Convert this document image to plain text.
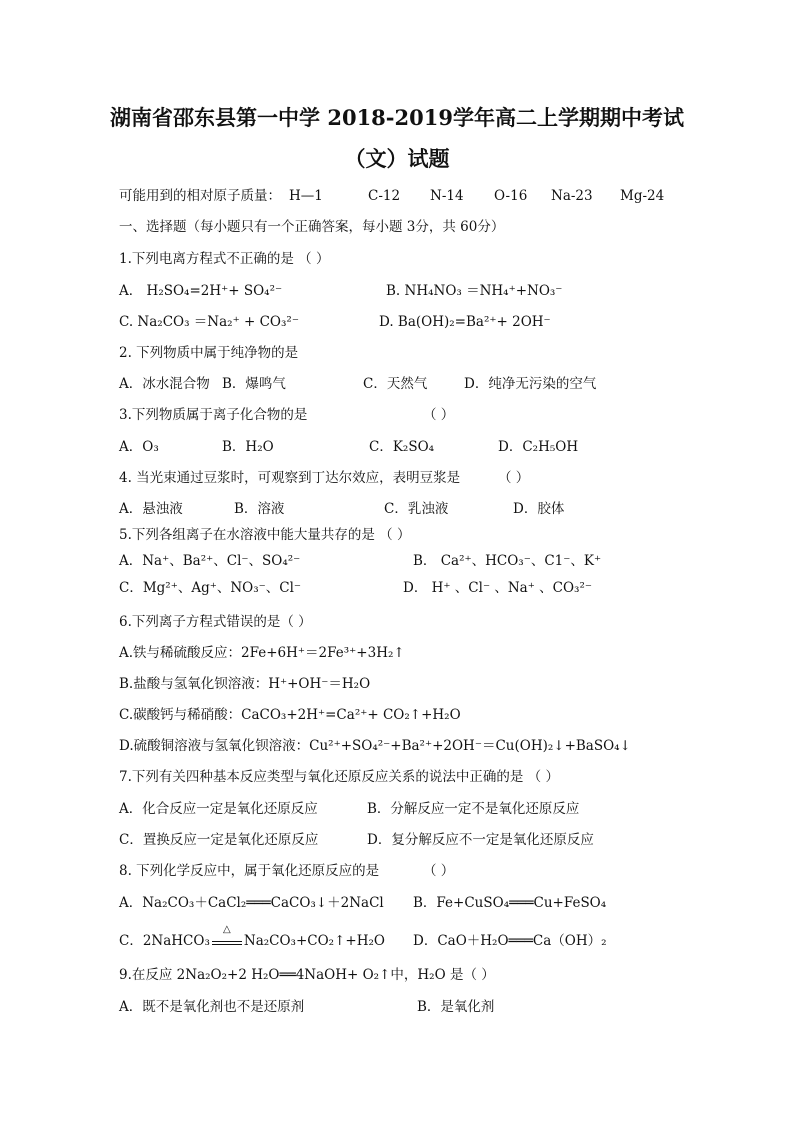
湖南省邵东县第一中学 2018-2019学年高二上学期期中考试
（文）试题
可能用到的相对原子质量： H—1	C-12 N-14 O-16 Na-23 Mg-24
一、选择题（每小题只有一个正确答案，每小题 3分，共 60分）
1.下列电离方程式不正确的是 （ ）
A． H₂SO₄=2H⁺+ SO₄²⁻	B. NH₄NO₃ ＝NH₄⁺+NO₃⁻
C. Na₂CO₃ ＝Na₂⁺ + CO₃²⁻	D. Ba(OH)₂=Ba²⁺+ 2OH⁻
2. 下列物质中属于纯净物的是
A．冰水混合物 B．爆鸣气	C．天然气	D．纯净无污染的空气
3.下列物质属于离子化合物的是	（ ）
A．O₃	B．H₂O	C．K₂SO₄	D．C₂H₅OH
4. 当光束通过豆浆时，可观察到丁达尔效应，表明豆浆是	（ ）
A．悬浊液	B．溶液	C．乳浊液	D．胶体
5.下列各组离子在水溶液中能大量共存的是 （ ）
A．Na⁺、Ba²⁺、Cl⁻、SO₄²⁻	B． Ca²⁺、HCO₃⁻、C1⁻、K⁺
C．Mg²⁺、Ag⁺、NO₃⁻、Cl⁻	D． H⁺ 、Cl⁻ 、Na⁺ 、CO₃²⁻
6.下列离子方程式错误的是（ ）
A.铁与稀硫酸反应：2Fe+6H⁺＝2Fe³⁺+3H₂↑
B.盐酸与氢氧化钡溶液：H⁺+OH⁻＝H₂O
C.碳酸钙与稀硝酸：CaCO₃+2H⁺=Ca²⁺+ CO₂↑+H₂O
D.硫酸铜溶液与氢氧化钡溶液：Cu²⁺+SO₄²⁻+Ba²⁺+2OH⁻＝Cu(OH)₂↓+BaSO₄↓
7.下列有关四种基本反应类型与氧化还原反应关系的说法中正确的是 （ ）
A．化合反应一定是氧化还原反应	B．分解反应一定不是氧化还原反应
C．置换反应一定是氧化还原反应	D．复分解反应不一定是氧化还原反应
8. 下列化学反应中，属于氧化还原反应的是	（ ）
A．Na₂CO₃＋CaCl₂═══CaCO₃↓＋2NaCl B．Fe+CuSO₄═══Cu+FeSO₄
C．2NaHCO₃
△
Na₂CO₃+CO₂↑+H₂O D．CaO＋H₂O═══Ca（OH）₂
9.在反应 2Na₂O₂+2 H₂O══4NaOH+ O₂↑中，H₂O 是（ ）
A．既不是氧化剂也不是还原剂	B．是氧化剂
